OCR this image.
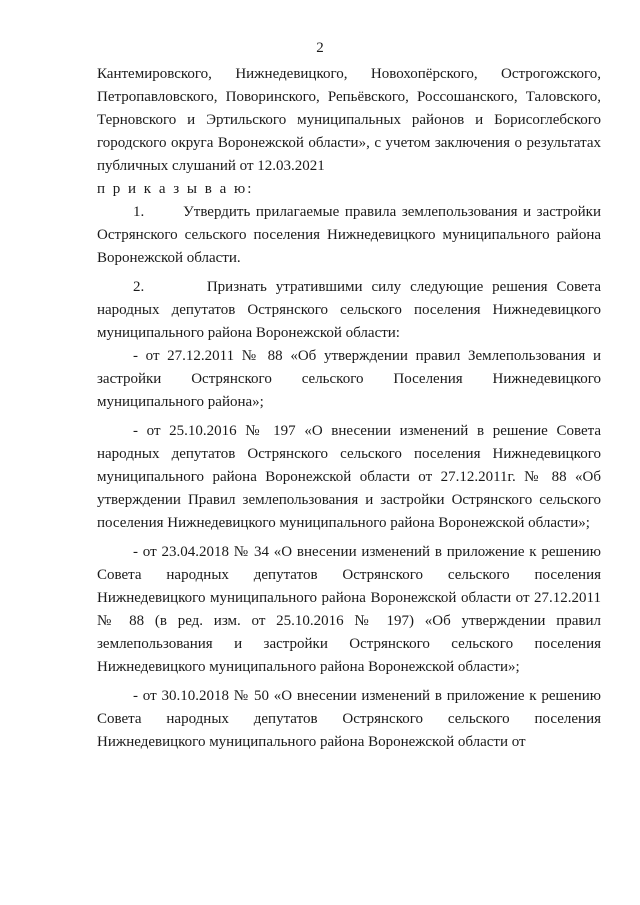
2

Кантемировского, Нижнедевицкого, Новохопёрского, Острогожского, Петропавловского, Поворинского, Репьёвского, Россошанского, Таловского, Терновского и Эртильского муниципальных районов и Борисоглебского городского округа Воронежской области», с учетом заключения о результатах публичных слушаний от 12.03.2021

п р и к а з ы в а ю:

1.       Утвердить прилагаемые правила землепользования и застройки Острянского сельского поселения Нижнедевицкого муниципального района Воронежской области.

2.       Признать утратившими силу следующие решения Совета народных депутатов Острянского сельского поселения Нижнедевицкого муниципального района Воронежской области:

- от 27.12.2011 № 88 «Об утверждении правил Землепользования и застройки Острянского сельского Поселения Нижнедевицкого муниципального района»;

- от 25.10.2016 № 197 «О внесении изменений в решение Совета народных депутатов Острянского сельского поселения Нижнедевицкого муниципального района Воронежской области от 27.12.2011г. № 88 «Об утверждении Правил землепользования и застройки Острянского сельского поселения Нижнедевицкого муниципального района Воронежской области»;

- от 23.04.2018 № 34 «О внесении изменений в приложение к решению Совета народных депутатов Острянского сельского поселения Нижнедевицкого муниципального района Воронежской области от 27.12.2011 № 88 (в ред. изм. от 25.10.2016 № 197) «Об утверждении правил землепользования и застройки Острянского сельского поселения Нижнедевицкого муниципального района Воронежской области»;

- от 30.10.2018 № 50 «О внесении изменений в приложение к решению Совета народных депутатов Острянского сельского поселения Нижнедевицкого муниципального района Воронежской области от
